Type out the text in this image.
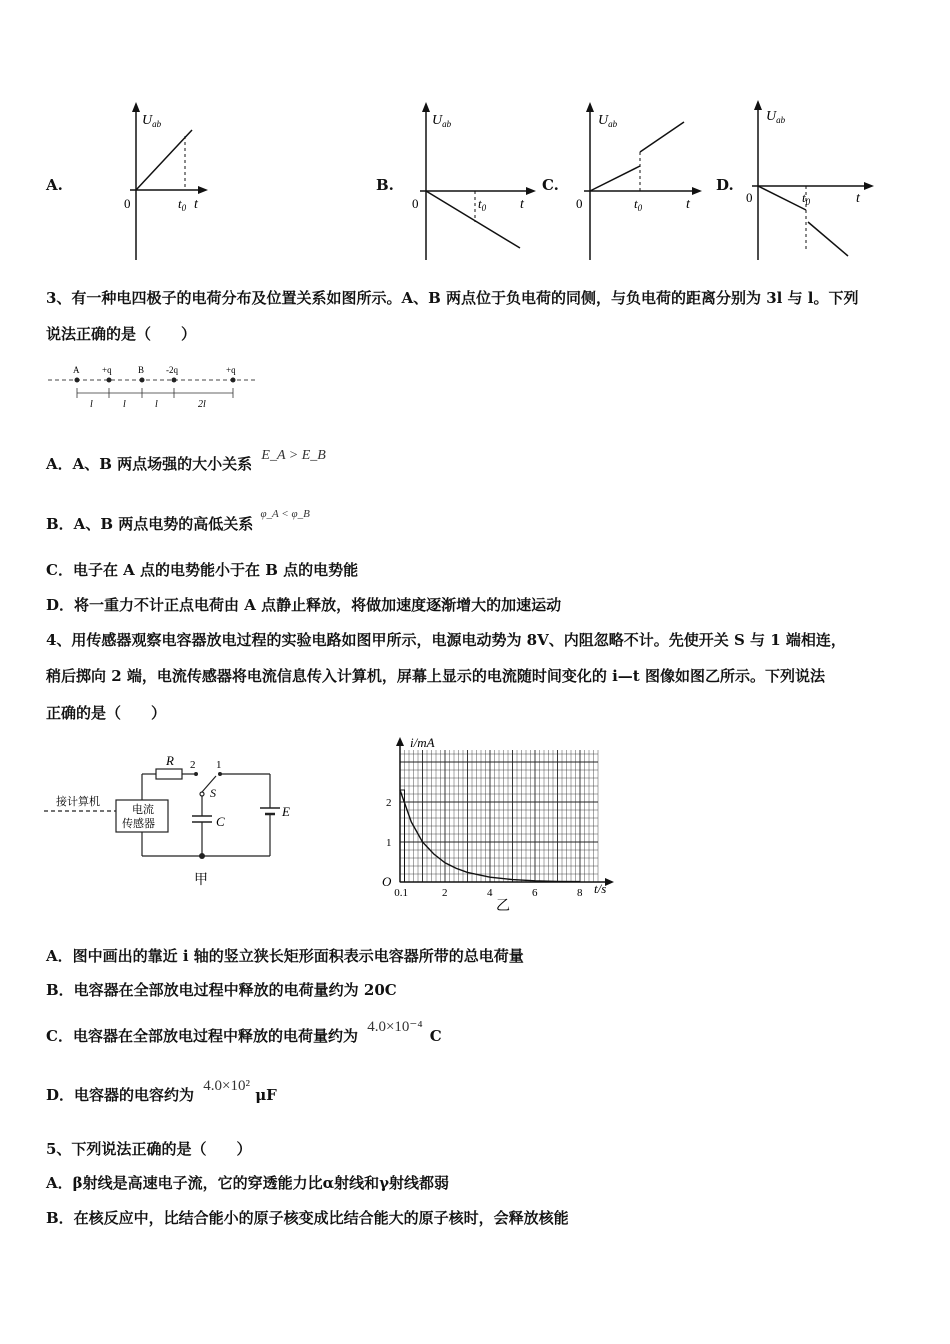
A.
$U_{ab}$
0	$t_0$ t
B.
$U_{ab}$
0	$t_0$ t
C.
$U_{ab}$
0	$t_0$	t
D.
$U_{ab}$
0	$t_0$	t
3、有一种电四极子的电荷分布及位置关系如图所示。A、B 两点位于负电荷的同侧，与负电荷的距离分别为 3l 与 l。下列
说法正确的是（　　）
A	+q	B -2q	+q
l	l	l	2l
A．A、B 两点场强的大小关系 E_A > E_B
B．A、B 两点电势的高低关系 $^{\varphi\_A < \varphi\_B}$
C．电子在 A 点的电势能小于在 B 点的电势能
D．将一重力不计正点电荷由 A 点静止释放，将做加速度逐渐增大的加速运动
4、用传感器观察电容器放电过程的实验电路如图甲所示，电源电动势为 8V、内阻忽略不计。先使开关 S 与 1 端相连，
稍后掷向 2 端，电流传感器将电流信息传入计算机，屏幕上显示的电流随时间变化的 i—t 图像如图乙所示。下列说法
正确的是（　　）
电流
传感器
接计算机
R 2 1
E
S
C
甲
i/mA
t/s
O
乙
0.1	2	4	6	8
1
2
A．图中画出的靠近 i 轴的竖立狭长矩形面积表示电容器所带的总电荷量
B．电容器在全部放电过程中释放的电荷量约为 20C
C．电容器在全部放电过程中释放的电荷量约为 4.0×10⁻⁴ C
D．电容器的电容约为 4.0×10² μF
5、下列说法正确的是（　　）
A．β射线是高速电子流，它的穿透能力比α射线和γ射线都弱
B．在核反应中，比结合能小的原子核变成比结合能大的原子核时，会释放核能
